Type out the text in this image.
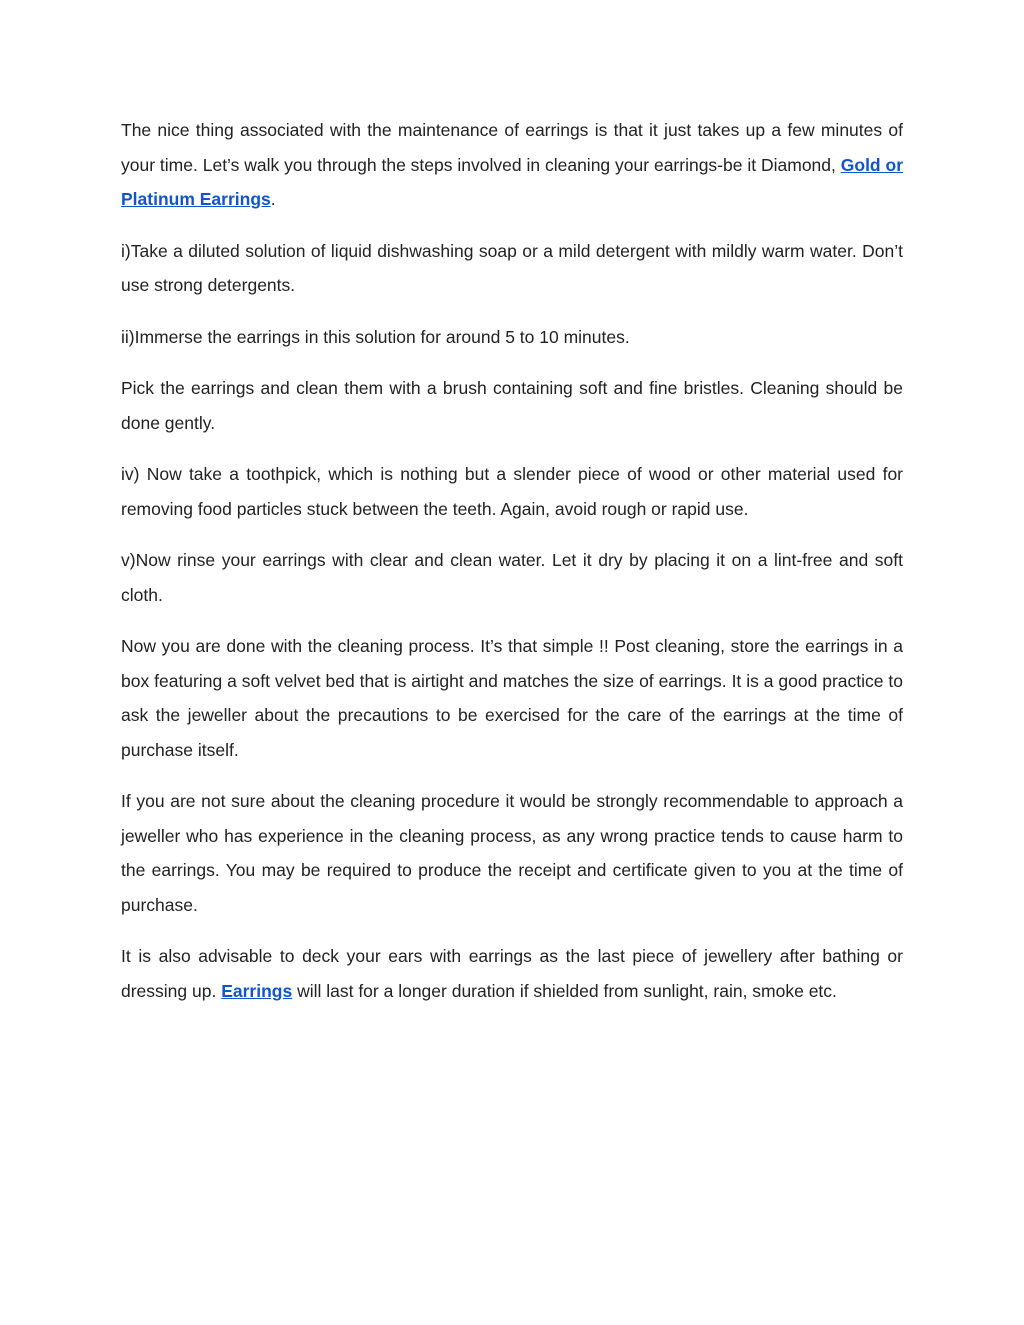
The nice thing associated with the maintenance of earrings is that it just takes up a few minutes of your time. Let’s walk you through the steps involved in cleaning your earrings-be it Diamond, Gold or Platinum Earrings.

i)Take a diluted solution of liquid dishwashing soap or a mild detergent with mildly warm water. Don’t use strong detergents.

ii)Immerse the earrings in this solution for around 5 to 10 minutes.

Pick the earrings and clean them with a brush containing soft and fine bristles. Cleaning should be done gently.

iv) Now take a toothpick, which is nothing but a slender piece of wood or other material used for removing food particles stuck between the teeth. Again, avoid rough or rapid use.

v)Now rinse your earrings with clear and clean water. Let it dry by placing it on a lint-free and soft cloth.

Now you are done with the cleaning process. It’s that simple !! Post cleaning, store the earrings in a box featuring a soft velvet bed that is airtight and matches the size of earrings. It is a good practice to ask the jeweller about the precautions to be exercised for the care of the earrings at the time of purchase itself.

If you are not sure about the cleaning procedure it would be strongly recommendable to approach a jeweller who has experience in the cleaning process, as any wrong practice tends to cause harm to the earrings. You may be required to produce the receipt and certificate given to you at the time of purchase.

It is also advisable to deck your ears with earrings as the last piece of jewellery after bathing or dressing up. Earrings will last for a longer duration if shielded from sunlight, rain, smoke etc.
